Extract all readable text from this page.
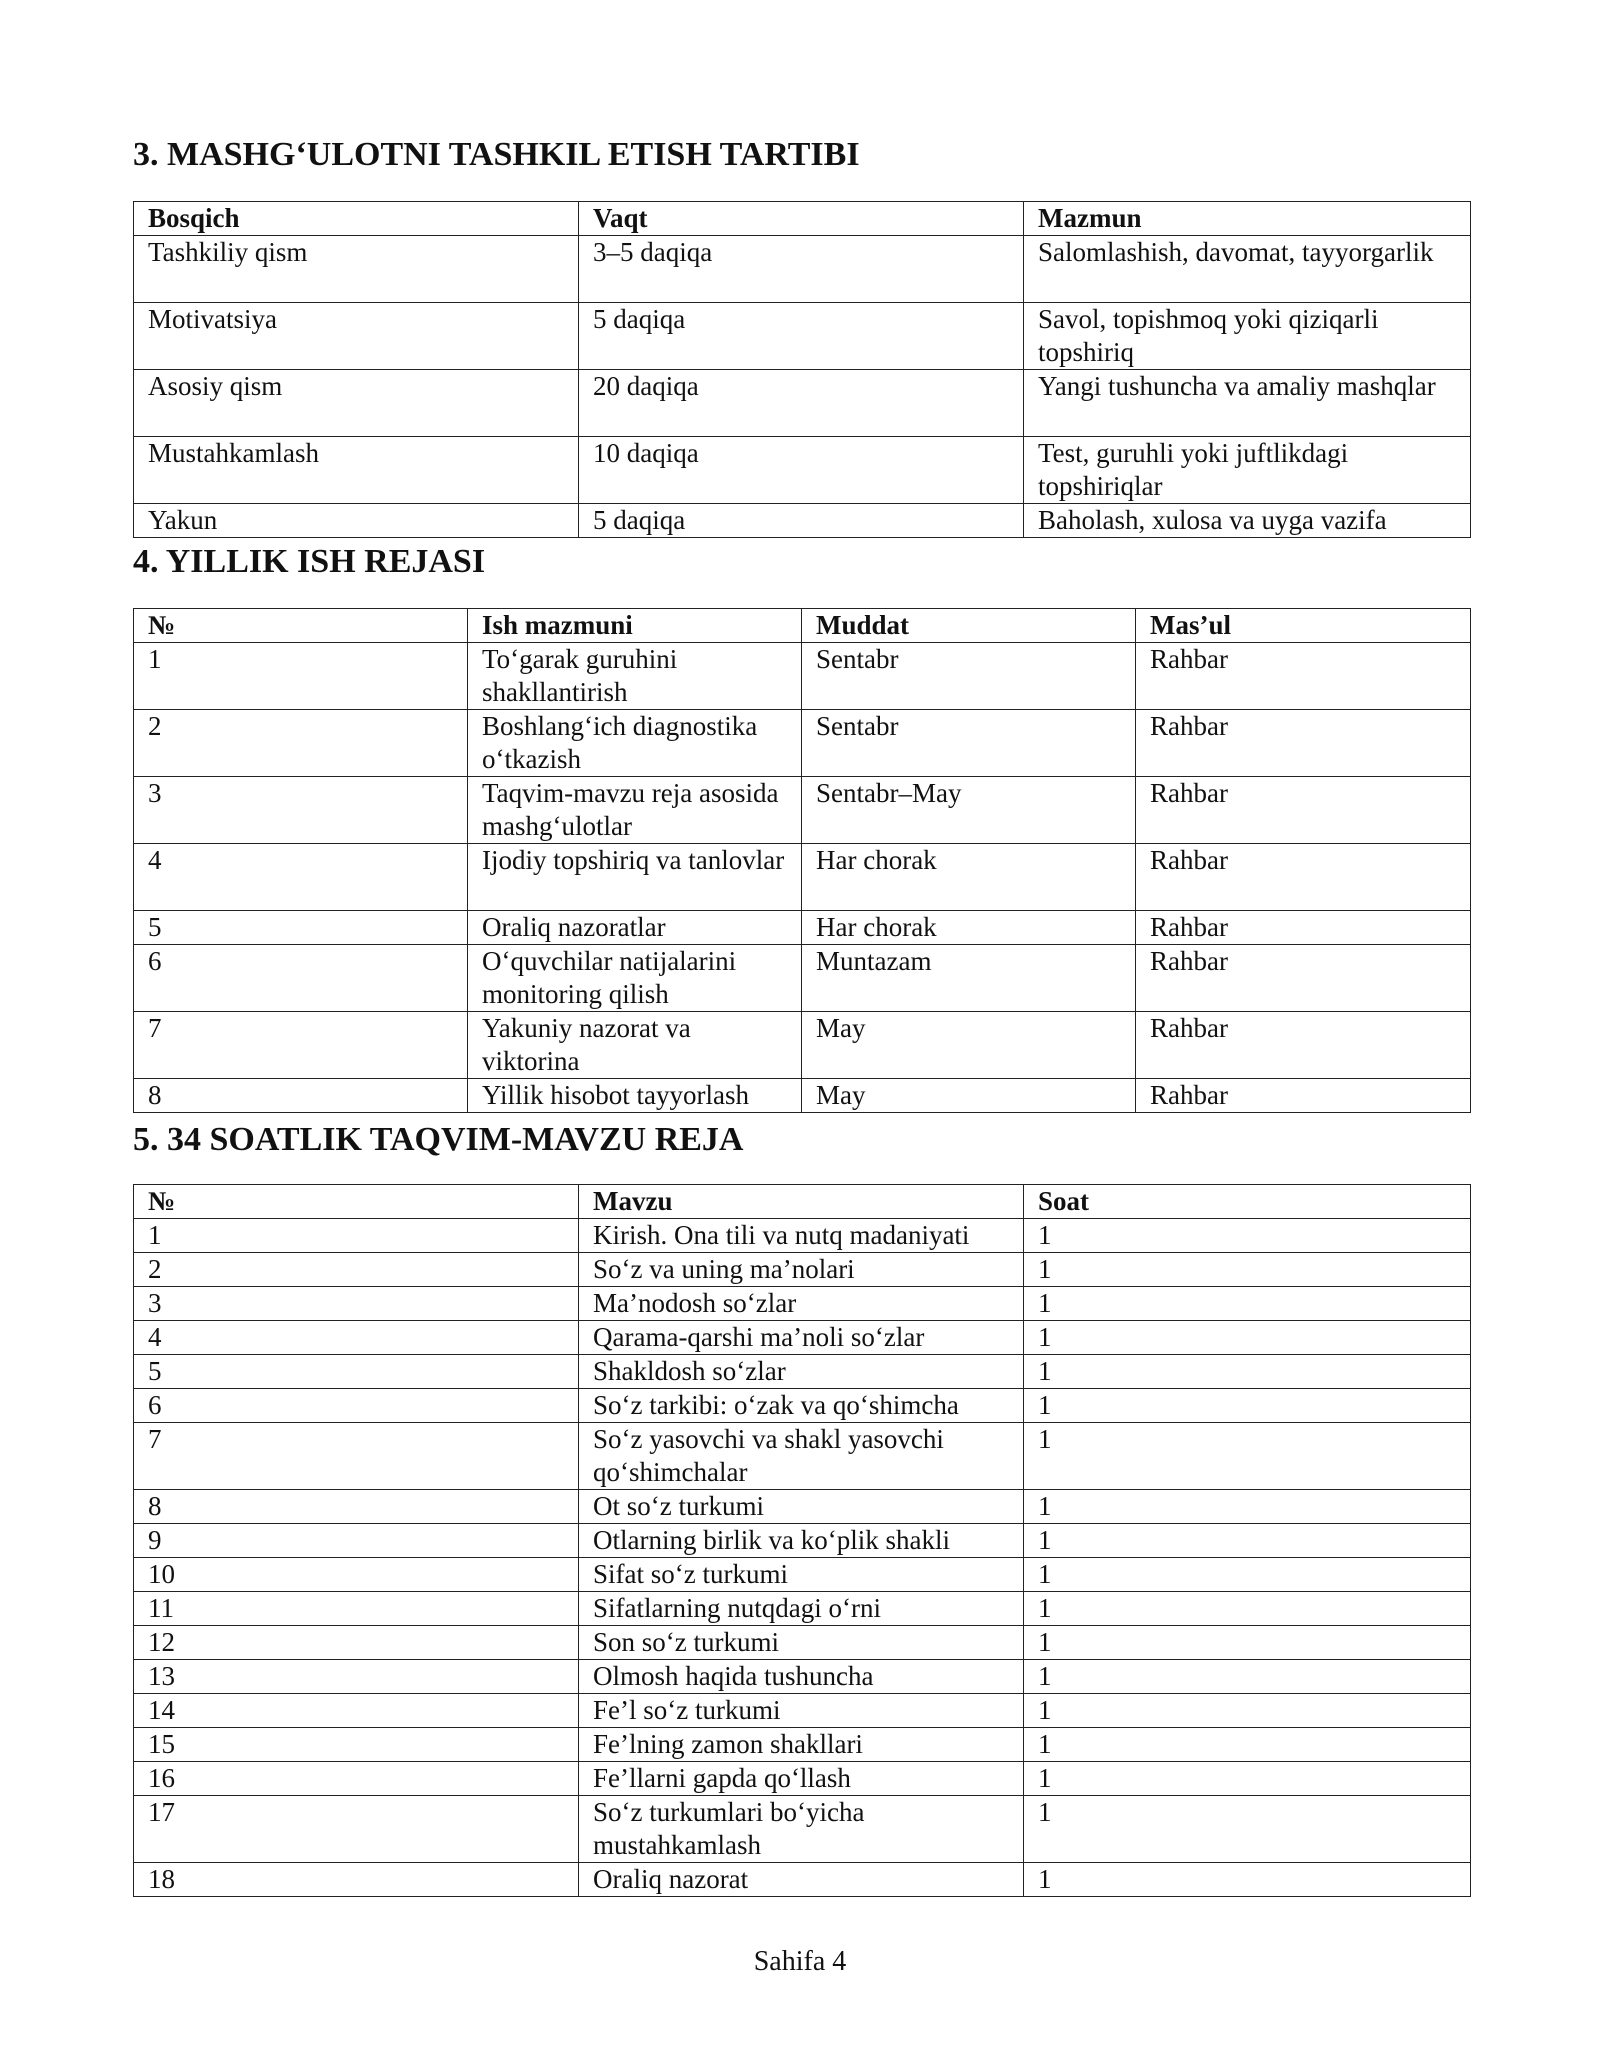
3. MASHG‘ULOTNI TASHKIL ETISH TARTIBI
Bosqich	Vaqt	Mazmun
Tashkiliy qism	3–5 daqiqa	Salomlashish, davomat, tayyorgarlik
Motivatsiya	5 daqiqa	Savol, topishmoq yoki qiziqarli topshiriq
Asosiy qism	20 daqiqa	Yangi tushuncha va amaliy mashqlar
Mustahkamlash	10 daqiqa	Test, guruhli yoki juftlikdagi topshiriqlar
Yakun	5 daqiqa	Baholash, xulosa va uyga vazifa
4. YILLIK ISH REJASI
№	Ish mazmuni	Muddat	Mas’ul
1	To‘garak guruhini shakllantirish	Sentabr	Rahbar
2	Boshlang‘ich diagnostika o‘tkazish	Sentabr	Rahbar
3	Taqvim-mavzu reja asosida mashg‘ulotlar	Sentabr–May	Rahbar
4	Ijodiy topshiriq va tanlovlar	Har chorak	Rahbar
5	Oraliq nazoratlar	Har chorak	Rahbar
6	O‘quvchilar natijalarini monitoring qilish	Muntazam	Rahbar
7	Yakuniy nazorat va viktorina	May	Rahbar
8	Yillik hisobot tayyorlash	May	Rahbar
5. 34 SOATLIK TAQVIM-MAVZU REJA
№	Mavzu	Soat
1	Kirish. Ona tili va nutq madaniyati	1
2	So‘z va uning ma’nolari	1
3	Ma’nodosh so‘zlar	1
4	Qarama-qarshi ma’noli so‘zlar	1
5	Shakldosh so‘zlar	1
6	So‘z tarkibi: o‘zak va qo‘shimcha	1
7	So‘z yasovchi va shakl yasovchi qo‘shimchalar	1
8	Ot so‘z turkumi	1
9	Otlarning birlik va ko‘plik shakli	1
10	Sifat so‘z turkumi	1
11	Sifatlarning nutqdagi o‘rni	1
12	Son so‘z turkumi	1
13	Olmosh haqida tushuncha	1
14	Fe’l so‘z turkumi	1
15	Fe’lning zamon shakllari	1
16	Fe’llarni gapda qo‘llash	1
17	So‘z turkumlari bo‘yicha mustahkamlash	1
18	Oraliq nazorat	1
Sahifa 4
